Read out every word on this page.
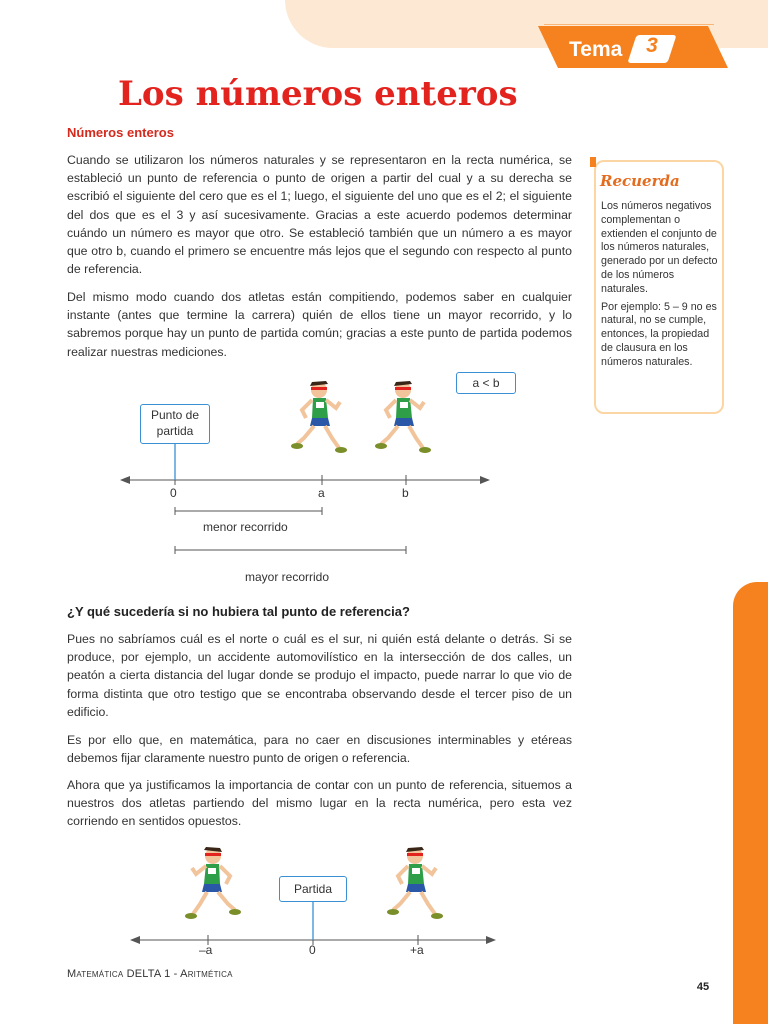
Tema	3
Los números enteros
Números enteros
Cuando se utilizaron los números naturales y se representaron en la recta numérica, se estableció un punto de referencia o punto de origen a partir del cual y a su derecha se escribió el siguiente del cero que es el 1; luego, el siguiente del uno que es el 2; el siguiente del dos que es el 3 y así sucesivamente. Gracias a este acuerdo podemos determinar cuándo un número es mayor que otro. Se estableció también que un número a es mayor que otro b, cuando el primero se encuentre más lejos que el segundo con respecto al punto de referencia.
Del mismo modo cuando dos atletas están compitiendo, podemos saber en cualquier instante (antes que termine la carrera) quién de ellos tiene un mayor recorrido, y lo sabremos porque hay un punto de partida común; gracias a este punto de partida podemos realizar nuestras mediciones.
Punto de partida
a < b
0	a	b
menor recorrido
mayor recorrido
¿Y qué sucedería si no hubiera tal punto de referencia?
Pues no sabríamos cuál es el norte o cuál es el sur, ni quién está delante o detrás. Si se produce, por ejemplo, un accidente automovilístico en la intersección de dos calles, un peatón a cierta distancia del lugar donde se produjo el impacto, puede narrar lo que vio de forma distinta que otro testigo que se encontraba observando desde el tercer piso de un edificio.
Es por ello que, en matemática, para no caer en discusiones interminables y etéreas debemos fijar claramente nuestro punto de origen o referencia.
Ahora que ya justificamos la importancia de contar con un punto de referencia, situemos a nuestros dos atletas partiendo del mismo lugar en la recta numérica, pero esta vez corriendo en sentidos opuestos.
Partida
–a	0	+a
Recuerda

Los números negativos complementan o extienden el conjunto de los números naturales, generado por un defecto de los números naturales.

Por ejemplo: 5 – 9 no es natural, no se cumple, entonces, la propiedad de clausura en los números naturales.

Matemática DELTA 1 - Aritmética
45
